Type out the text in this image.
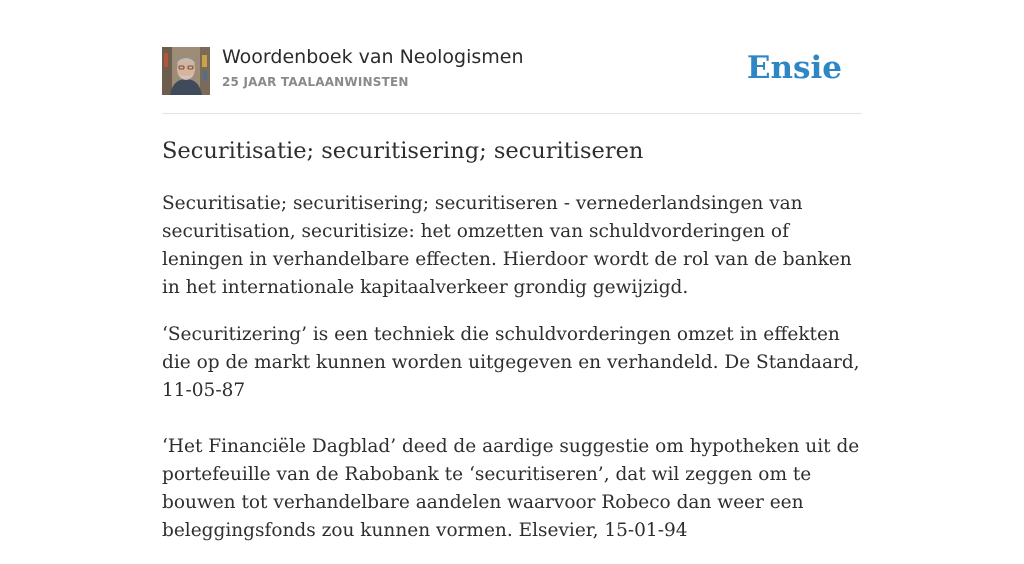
Woordenboek van Neologismen
25 JAAR TAALAANWINSTEN	Ensie
Securitisatie; securitisering; securitiseren

Securitisatie; securitisering; securitiseren - vernederlandsingen van securitisation, securitisize: het omzetten van schuldvorderingen of leningen in verhandelbare effecten. Hierdoor wordt de rol van de banken in het internationale kapitaalverkeer grondig gewijzigd.

‘Securitizering’ is een techniek die schuldvorderingen omzet in effekten die op de markt kunnen worden uitgegeven en verhandeld. De Standaard, 11-05-87

‘Het Financiële Dagblad’ deed de aardige suggestie om hypotheken uit de portefeuille van de Rabobank te ‘securitiseren’, dat wil zeggen om te bouwen tot verhandelbare aandelen waarvoor Robeco dan weer een beleggingsfonds zou kunnen vormen. Elsevier, 15-01-94
